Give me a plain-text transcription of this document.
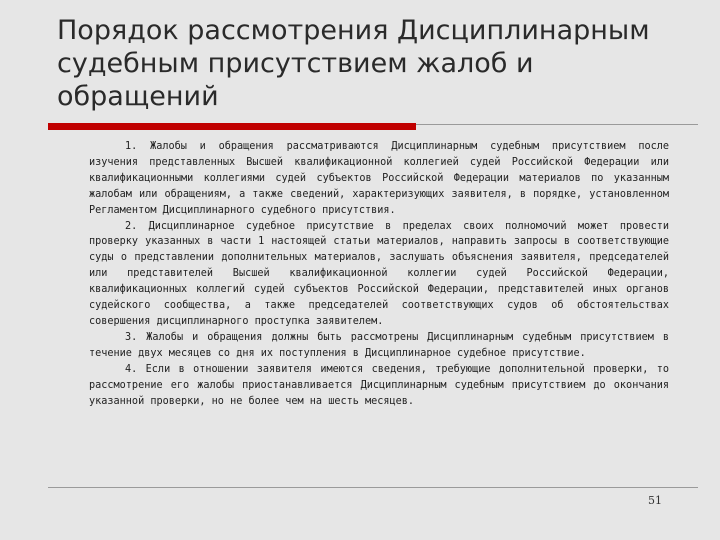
Порядок рассмотрения Дисциплинарным судебным присутствием жалоб и обращений

1. Жалобы и обращения рассматриваются Дисциплинарным судебным присутствием после изучения представленных Высшей квалификационной коллегией судей Российской Федерации или квалификационными коллегиями судей субъектов Российской Федерации материалов по указанным жалобам или обращениям, а также сведений, характеризующих заявителя, в порядке, установленном Регламентом Дисциплинарного судебного присутствия.

2. Дисциплинарное судебное присутствие в пределах своих полномочий может провести проверку указанных в части 1 настоящей статьи материалов, направить запросы в соответствующие суды о представлении дополнительных материалов, заслушать объяснения заявителя, председателей или представителей Высшей квалификационной коллегии судей Российской Федерации, квалификационных коллегий судей субъектов Российской Федерации, представителей иных органов судейского сообщества, а также председателей соответствующих судов об обстоятельствах совершения дисциплинарного проступка заявителем.

3. Жалобы и обращения должны быть рассмотрены Дисциплинарным судебным присутствием в течение двух месяцев со дня их поступления в Дисциплинарное судебное присутствие.

4. Если в отношении заявителя имеются сведения, требующие дополнительной проверки, то рассмотрение его жалобы приостанавливается Дисциплинарным судебным присутствием до окончания указанной проверки, но не более чем на шесть месяцев.

51
